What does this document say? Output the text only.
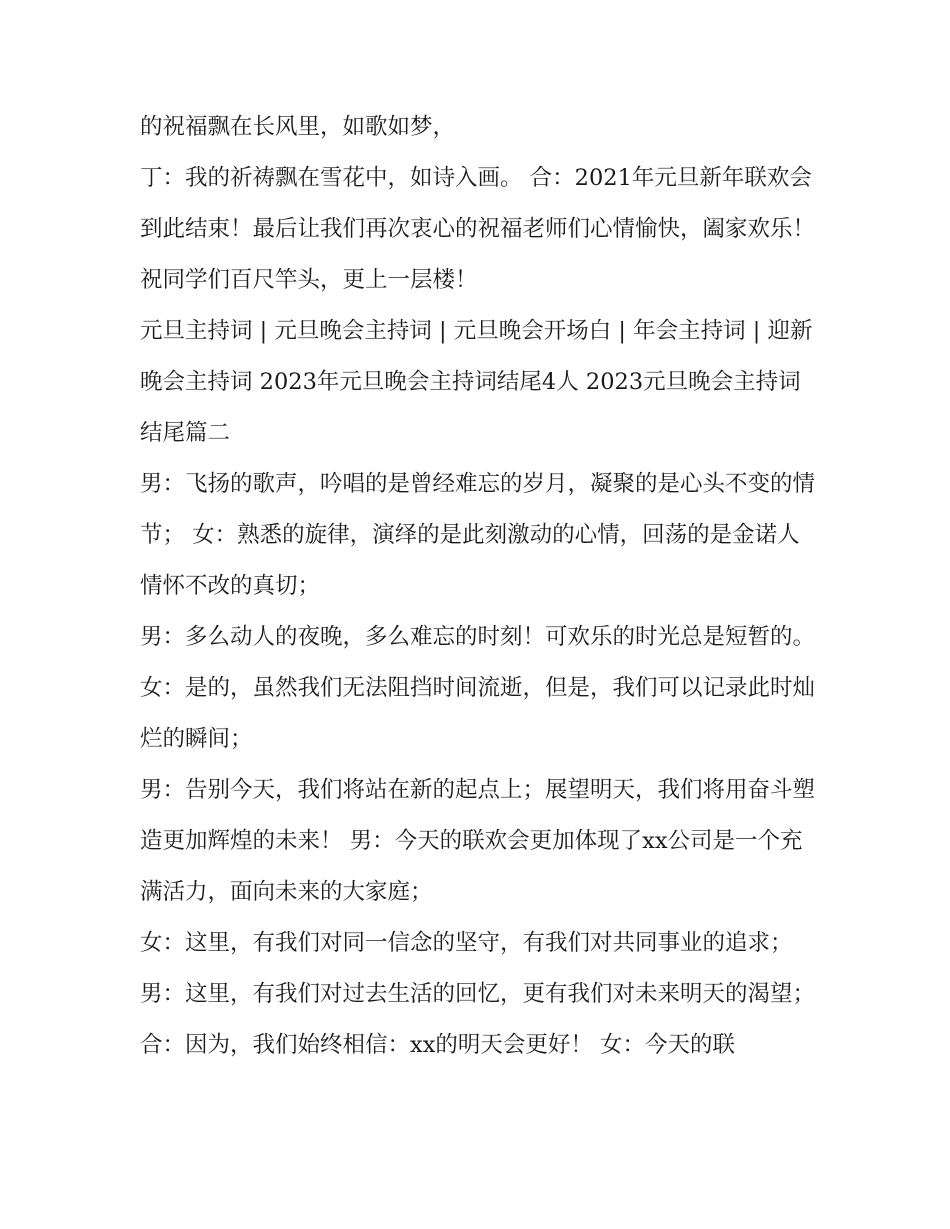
的祝福飘在长风里，如歌如梦，

丁：我的祈祷飘在雪花中，如诗入画。 合：2021年元旦新年联欢会到此结束！最后让我们再次衷心的祝福老师们心情愉快，阖家欢乐！祝同学们百尺竿头，更上一层楼！

元旦主持词 | 元旦晚会主持词 | 元旦晚会开场白 | 年会主持词 | 迎新晚会主持词 2023年元旦晚会主持词结尾4人 2023元旦晚会主持词结尾篇二

男：飞扬的歌声，吟唱的是曾经难忘的岁月，凝聚的是心头不变的情节； 女：熟悉的旋律，演绎的是此刻激动的心情，回荡的是金诺人情怀不改的真切；

男：多么动人的夜晚，多么难忘的时刻！可欢乐的时光总是短暂的。 女：是的，虽然我们无法阻挡时间流逝，但是，我们可以记录此时灿烂的瞬间；

男：告别今天，我们将站在新的起点上；展望明天，我们将用奋斗塑造更加辉煌的未来！ 男：今天的联欢会更加体现了xx公司是一个充满活力，面向未来的大家庭；

女：这里，有我们对同一信念的坚守，有我们对共同事业的追求； 男：这里，有我们对过去生活的回忆，更有我们对未来明天的渴望；

合：因为，我们始终相信：xx的明天会更好！ 女：今天的联
